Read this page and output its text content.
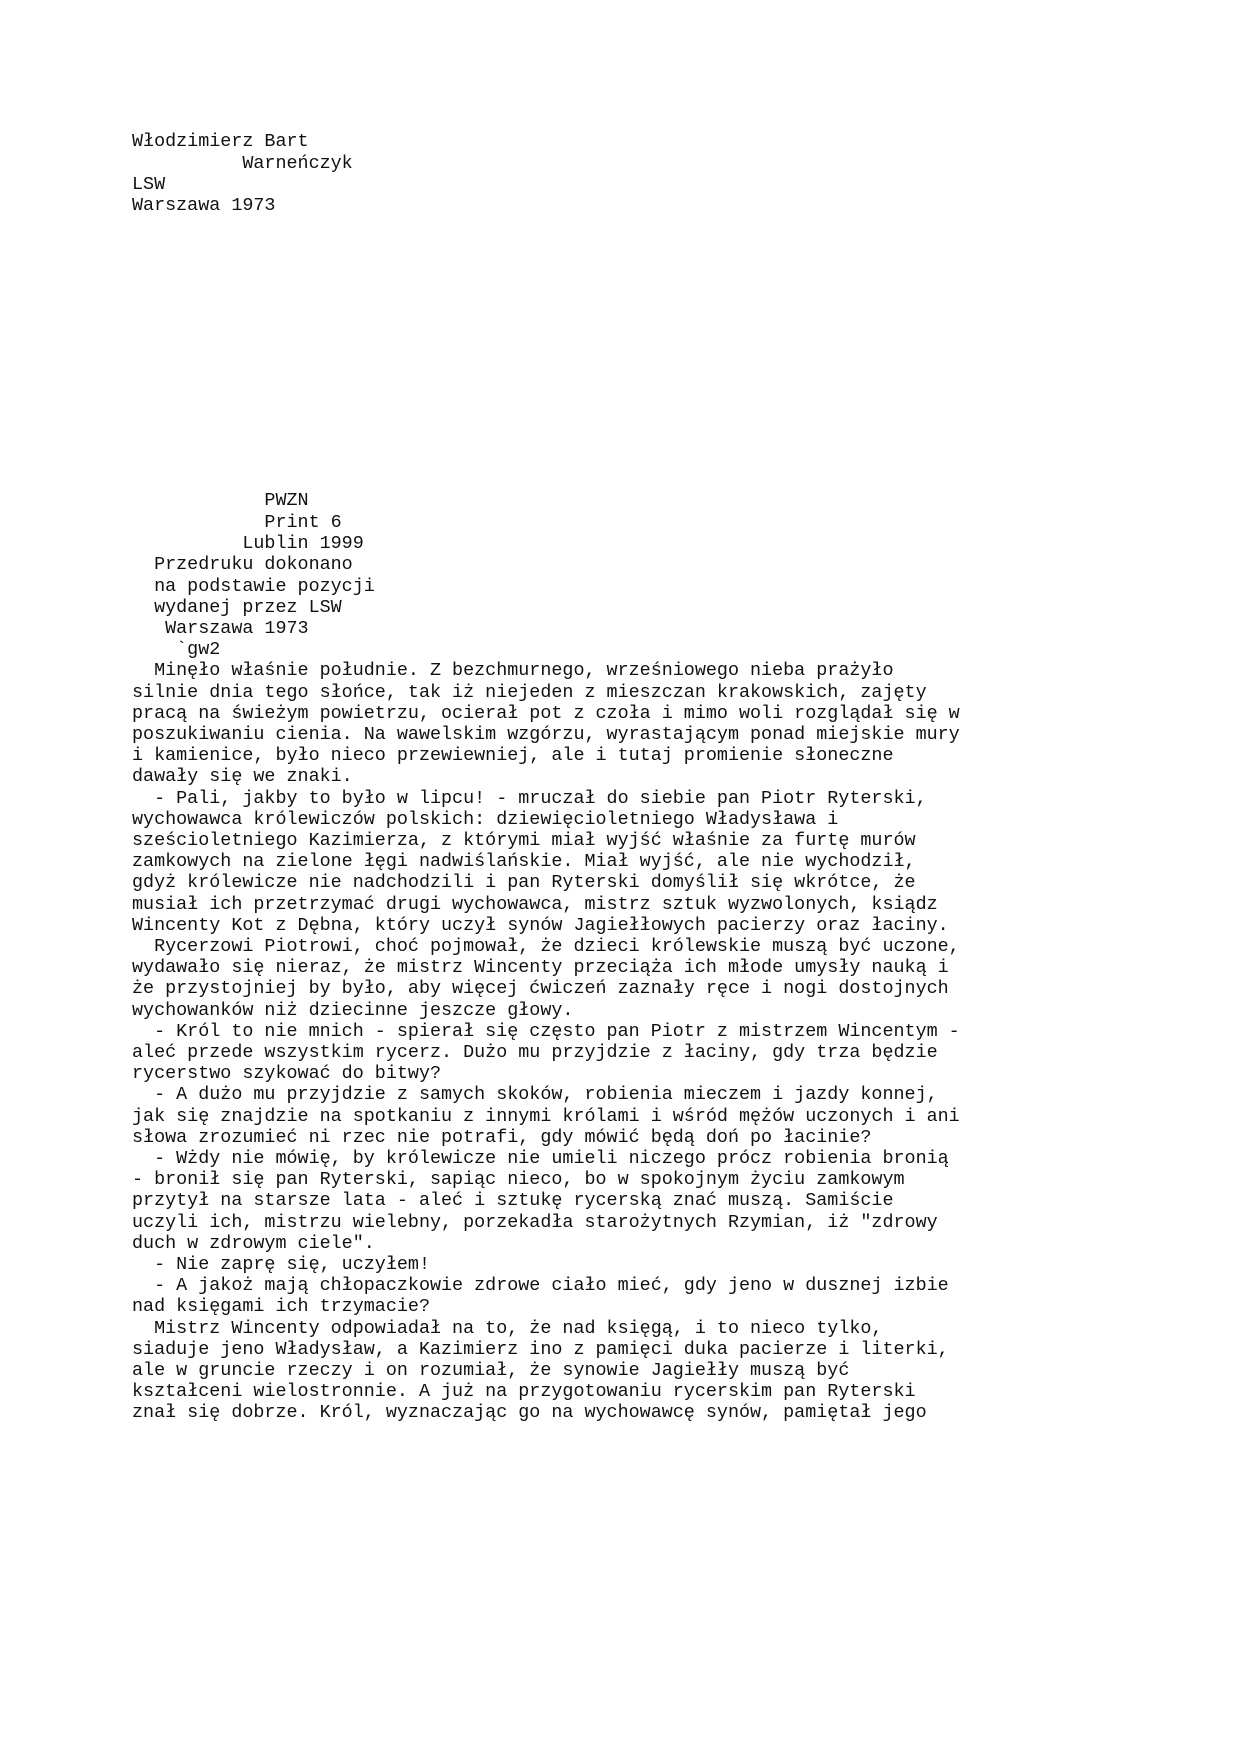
Włodzimierz Bart
Warneńczyk
LSW
Warszawa 1973
PWZN
Print 6
Lublin 1999
Przedruku dokonano
na podstawie pozycji
wydanej przez LSW
Warszawa 1973
`gw2
Minęło właśnie południe. Z bezchmurnego, wrześniowego nieba prażyło
silnie dnia tego słońce, tak iż niejeden z mieszczan krakowskich, zajęty
pracą na świeżym powietrzu, ocierał pot z czoła i mimo woli rozglądał się w
poszukiwaniu cienia. Na wawelskim wzgórzu, wyrastającym ponad miejskie mury
i kamienice, było nieco przewiewniej, ale i tutaj promienie słoneczne
dawały się we znaki.
- Pali, jakby to było w lipcu! - mruczał do siebie pan Piotr Ryterski,
wychowawca królewiczów polskich: dziewięcioletniego Władysława i
sześcioletniego Kazimierza, z którymi miał wyjść właśnie za furtę murów
zamkowych na zielone łęgi nadwiślańskie. Miał wyjść, ale nie wychodził,
gdyż królewicze nie nadchodzili i pan Ryterski domyślił się wkrótce, że
musiał ich przetrzymać drugi wychowawca, mistrz sztuk wyzwolonych, ksiądz
Wincenty Kot z Dębna, który uczył synów Jagiełłowych pacierzy oraz łaciny.
Rycerzowi Piotrowi, choć pojmował, że dzieci królewskie muszą być uczone,
wydawało się nieraz, że mistrz Wincenty przeciąża ich młode umysły nauką i
że przystojniej by było, aby więcej ćwiczeń zaznały ręce i nogi dostojnych
wychowanków niż dziecinne jeszcze głowy.
- Król to nie mnich - spierał się często pan Piotr z mistrzem Wincentym -
aleć przede wszystkim rycerz. Dużo mu przyjdzie z łaciny, gdy trza będzie
rycerstwo szykować do bitwy?
- A dużo mu przyjdzie z samych skoków, robienia mieczem i jazdy konnej,
jak się znajdzie na spotkaniu z innymi królami i wśród mężów uczonych i ani
słowa zrozumieć ni rzec nie potrafi, gdy mówić będą doń po łacinie?
- Wżdy nie mówię, by królewicze nie umieli niczego prócz robienia bronią
- bronił się pan Ryterski, sapiąc nieco, bo w spokojnym życiu zamkowym
przytył na starsze lata - aleć i sztukę rycerską znać muszą. Samiście
uczyli ich, mistrzu wielebny, porzekadła starożytnych Rzymian, iż "zdrowy
duch w zdrowym ciele".
- Nie zaprę się, uczyłem!
- A jakoż mają chłopaczkowie zdrowe ciało mieć, gdy jeno w dusznej izbie
nad księgami ich trzymacie?
Mistrz Wincenty odpowiadał na to, że nad księgą, i to nieco tylko,
siaduje jeno Władysław, a Kazimierz ino z pamięci duka pacierze i literki,
ale w gruncie rzeczy i on rozumiał, że synowie Jagiełły muszą być
kształceni wielostronnie. A już na przygotowaniu rycerskim pan Ryterski
znał się dobrze. Król, wyznaczając go na wychowawcę synów, pamiętał jego
